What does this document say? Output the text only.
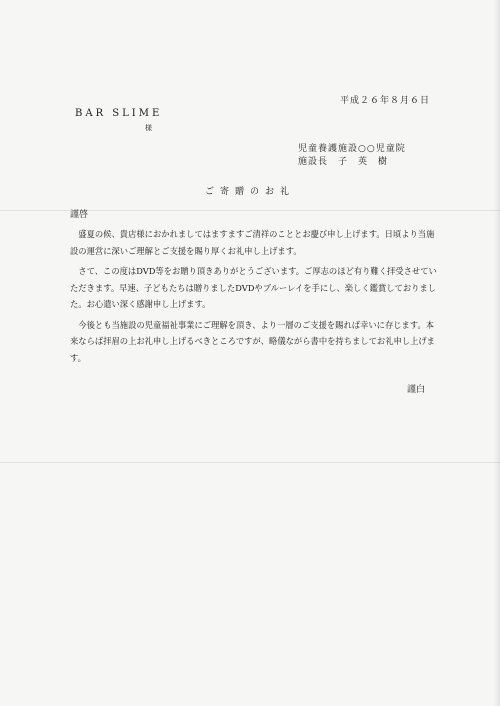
平成２６年８月６日
BAR SLIME
様
児童養護施設○○児童院
施設長　子　英　樹
ご寄贈のお礼
謹啓

盛夏の候、貴店様におかれましてはますますご清祥のこととお慶び申し上げます。日頃より当施設の運営に深いご理解とご支援を賜り厚くお礼申し上げます。

さて、この度はDVD等をお贈り頂きありがとうございます。ご厚志のほど有り難く拝受させていただきます。早速、子どもたちは贈りましたDVDやブルーレイを手にし、楽しく鑑賞しておりました。お心遣い深く感謝申し上げます。

今後とも当施設の児童福祉事業にご理解を頂き、より一層のご支援を賜れば幸いに存じます。本来ならば拝眉の上お礼申し上げるべきところですが、略儀ながら書中を持ちましてお礼申し上げます。

謹白
